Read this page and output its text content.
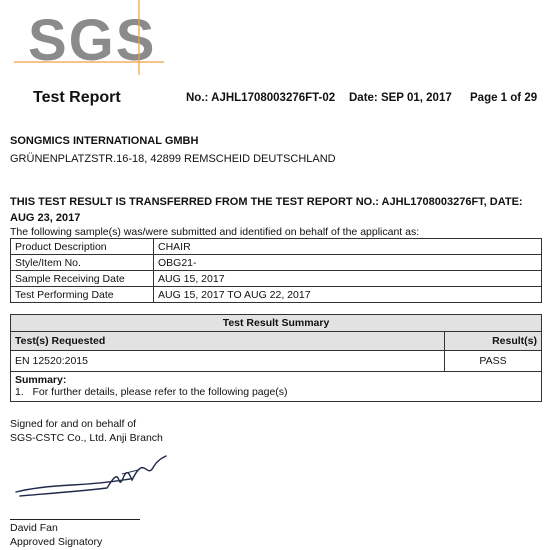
SGS
Test Report	No.: AJHL1708003276FT-02 Date: SEP 01, 2017 Page 1 of 29
SONGMICS INTERNATIONAL GMBH
GRÜNENPLATZSTR.16-18, 42899 REMSCHEID DEUTSCHLAND
THIS TEST RESULT IS TRANSFERRED FROM THE TEST REPORT NO.: AJHL1708003276FT, DATE: AUG 23, 2017
The following sample(s) was/were submitted and identified on behalf of the applicant as:
Product Description	CHAIR
Style/Item No.	OBG21-
Sample Receiving Date	AUG 15, 2017
Test Performing Date	AUG 15, 2017 TO AUG 22, 2017
Test Result Summary	
Test(s) Requested	Result(s)
EN 12520:2015	PASS

Summary:
1.   For further details, please refer to the following page(s)	
Signed for and on behalf of
SGS-CSTC Co., Ltd. Anji Branch
David Fan
Approved Signatory
